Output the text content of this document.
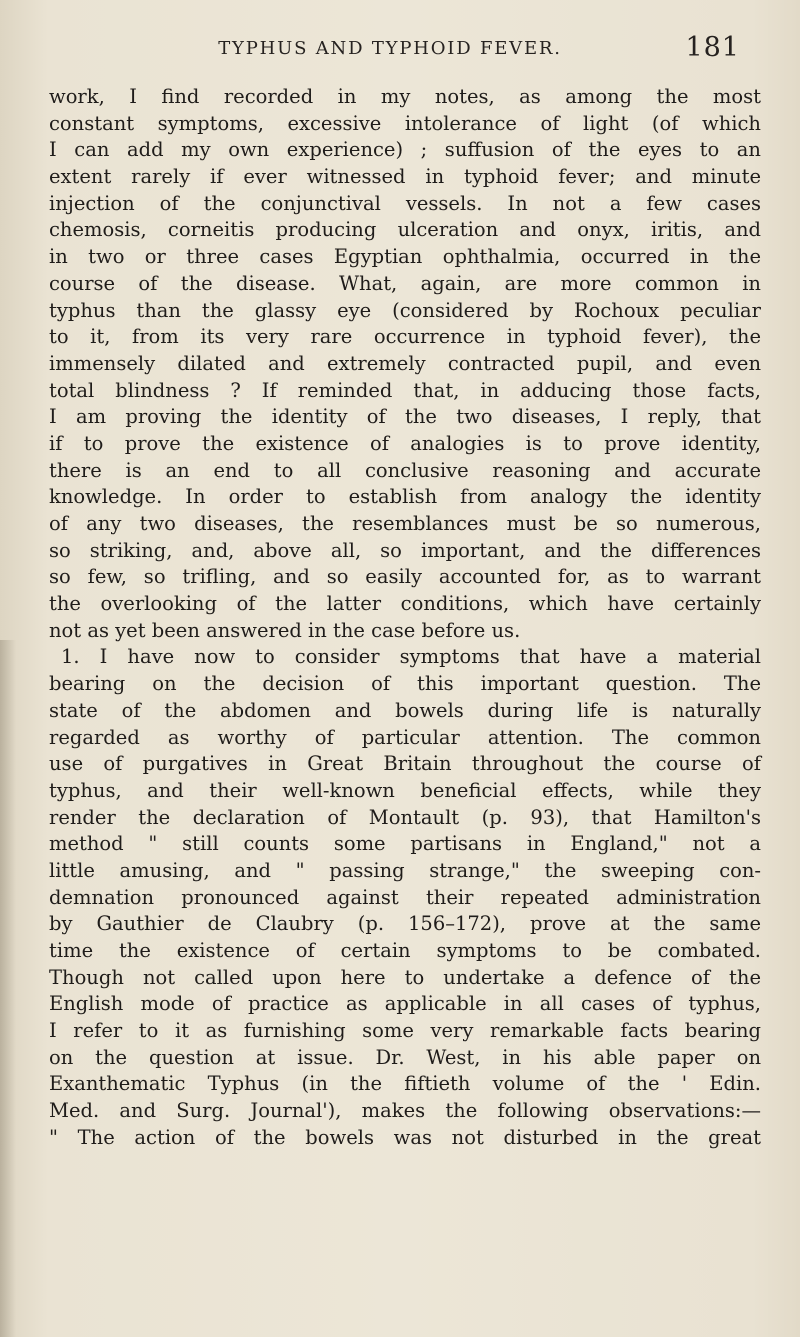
TYPHUS AND TYPHOID FEVER.	181
work, I find recorded in my notes, as among the most
constant symptoms, excessive intolerance of light (of which
I can add my own experience) ; suffusion of the eyes to an
extent rarely if ever witnessed in typhoid fever; and minute
injection of the conjunctival vessels. In not a few cases
chemosis, corneitis producing ulceration and onyx, iritis, and
in two or three cases Egyptian ophthalmia, occurred in the
course of the disease. What, again, are more common in
typhus than the glassy eye (considered by Rochoux peculiar
to it, from its very rare occurrence in typhoid fever), the
immensely dilated and extremely contracted pupil, and even
total blindness ? If reminded that, in adducing those facts,
I am proving the identity of the two diseases, I reply, that
if to prove the existence of analogies is to prove identity,
there is an end to all conclusive reasoning and accurate
knowledge. In order to establish from analogy the identity
of any two diseases, the resemblances must be so numerous,
so striking, and, above all, so important, and the differences
so few, so trifling, and so easily accounted for, as to warrant
the overlooking of the latter conditions, which have certainly
not as yet been answered in the case before us.
1. I have now to consider symptoms that have a material
bearing on the decision of this important question. The
state of the abdomen and bowels during life is naturally
regarded as worthy of particular attention. The common
use of purgatives in Great Britain throughout the course of
typhus, and their well-known beneficial effects, while they
render the declaration of Montault (p. 93), that Hamilton's
method " still counts some partisans in England," not a
little amusing, and " passing strange," the sweeping con-
demnation pronounced against their repeated administration
by Gauthier de Claubry (p. 156–172), prove at the same
time the existence of certain symptoms to be combated.
Though not called upon here to undertake a defence of the
English mode of practice as applicable in all cases of typhus,
I refer to it as furnishing some very remarkable facts bearing
on the question at issue. Dr. West, in his able paper on
Exanthematic Typhus (in the fiftieth volume of the ' Edin.
Med. and Surg. Journal'), makes the following observations:—
" The action of the bowels was not disturbed in the great
